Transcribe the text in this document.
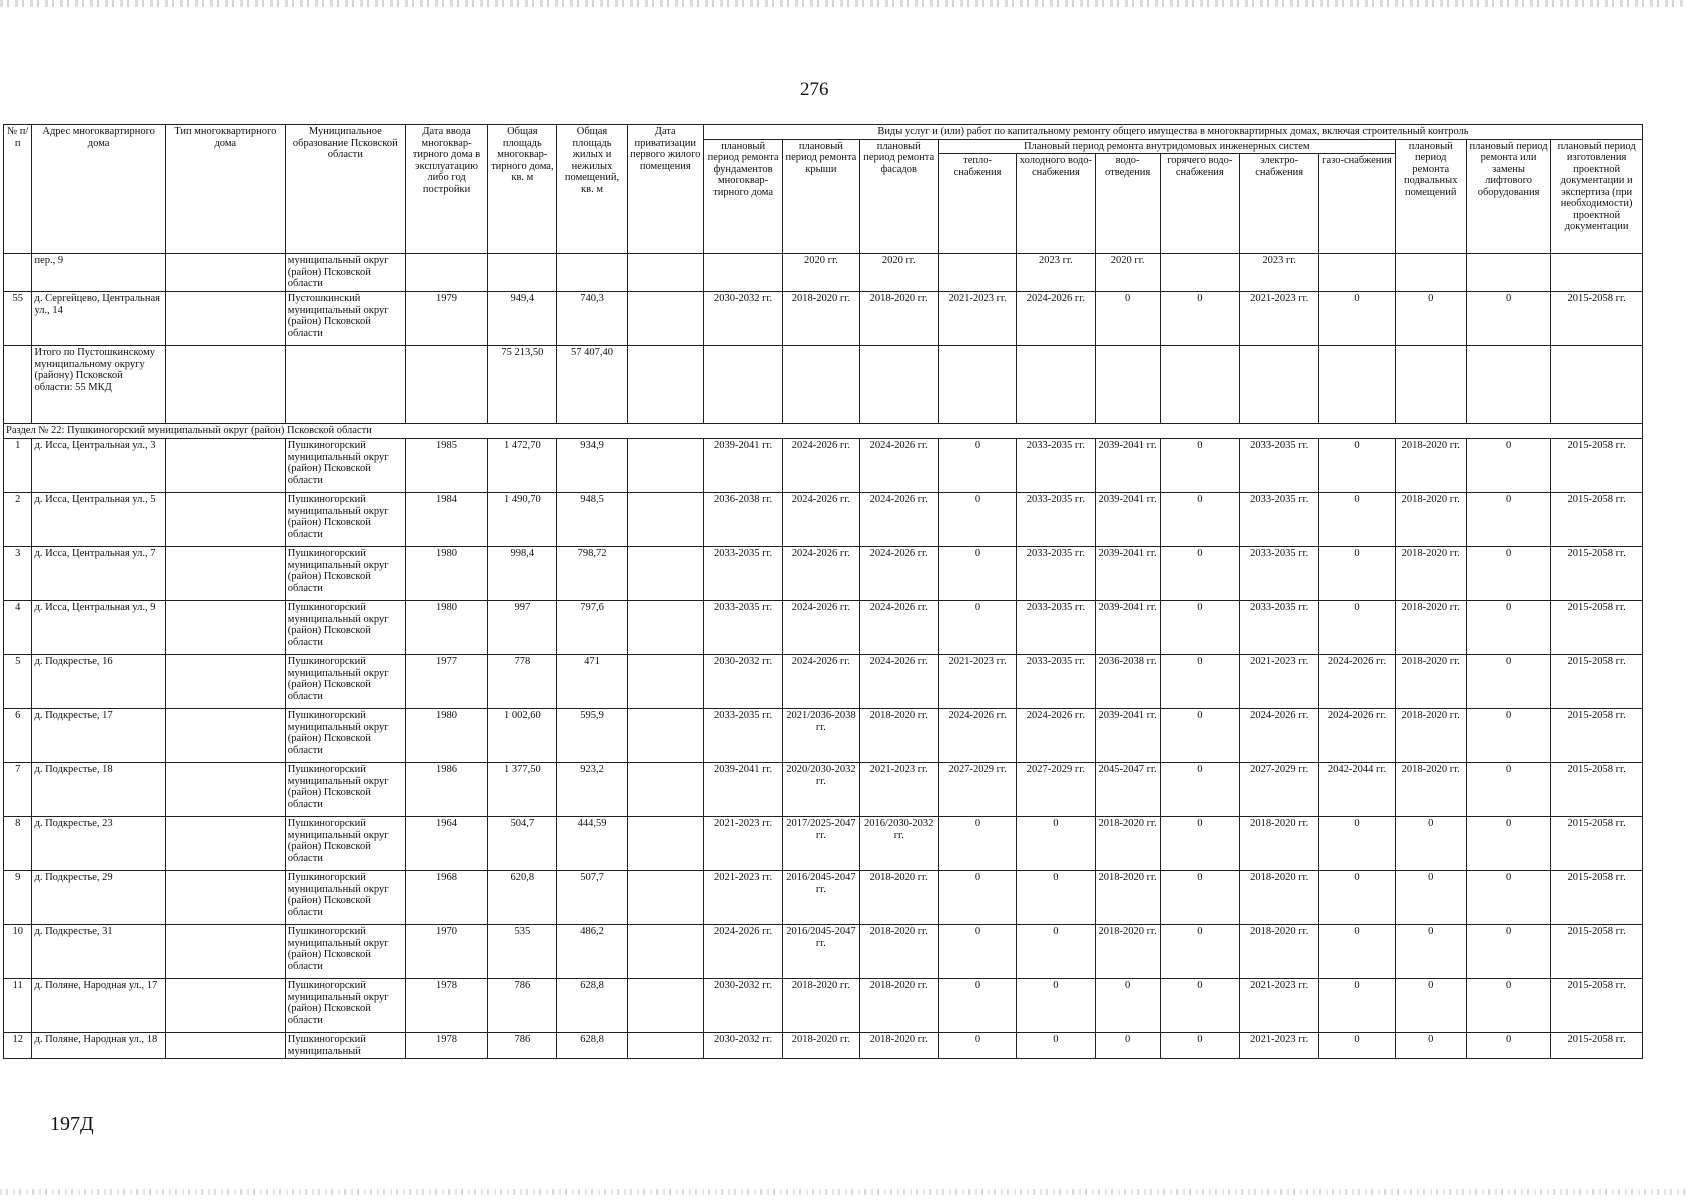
276
№ п/п	Адрес многоквартирного дома	Тип многоквартирного дома	Муниципальное образование Псковской области	Дата ввода многоквар-тирного дома в эксплуатацию либо год постройки	Общая площадь многоквар-тирного дома, кв. м	Общая площадь жилых и нежилых помещений, кв. м	Дата приватизации первого жилого помещения	Виды услуг и (или) работ по капитальному ремонту общего имущества в многоквартирных домах, включая строительный контроль											
								плановый период ремонта фундаментов многоквар-тирного дома	плановый период ремонта крыши	плановый период ремонта фасадов	Плановый период ремонта внутридомовых инженерных систем						плановый период ремонта подвальных помещений	плановый период ремонта или замены лифтового оборудования	плановый период изготовления проектной документации и экспертиза (при необходимости) проектной документации
											тепло-снабжения	холодного водо-снабжения	водо-отведения	горячего водо-снабжения	электро-снабжения	газо-снабжения			
	пер., 9		муниципальный округ (район) Псковской области						2020 гг.	2020 гг.		2023 гг.	2020 гг.		2023 гг.				
55	д. Сергейцево, Центральная ул., 14		Пустошкинский муниципальный округ (район) Псковской области	1979	949,4	740,3		2030-2032 гг.	2018-2020 гг.	2018-2020 гг.	2021-2023 гг.	2024-2026 гг.	0	0	2021-2023 гг.	0	0	0	2015-2058 гг.
	Итого по Пустошкинскому муниципальному округу (району) Псковской области: 55 МКД				75 213,50	57 407,40													
Раздел № 22: Пушкиногорский муниципальный округ (район) Псковской области																			
1	д. Исса, Центральная ул., 3		Пушкиногорский муниципальный округ (район) Псковской области	1985	1 472,70	934,9		2039-2041 гг.	2024-2026 гг.	2024-2026 гг.	0	2033-2035 гг.	2039-2041 гг.	0	2033-2035 гг.	0	2018-2020 гг.	0	2015-2058 гг.
2	д. Исса, Центральная ул., 5		Пушкиногорский муниципальный округ (район) Псковской области	1984	1 490,70	948,5		2036-2038 гг.	2024-2026 гг.	2024-2026 гг.	0	2033-2035 гг.	2039-2041 гг.	0	2033-2035 гг.	0	2018-2020 гг.	0	2015-2058 гг.
3	д. Исса, Центральная ул., 7		Пушкиногорский муниципальный округ (район) Псковской области	1980	998,4	798,72		2033-2035 гг.	2024-2026 гг.	2024-2026 гг.	0	2033-2035 гг.	2039-2041 гг.	0	2033-2035 гг.	0	2018-2020 гг.	0	2015-2058 гг.
4	д. Исса, Центральная ул., 9		Пушкиногорский муниципальный округ (район) Псковской области	1980	997	797,6		2033-2035 гг.	2024-2026 гг.	2024-2026 гг.	0	2033-2035 гг.	2039-2041 гг.	0	2033-2035 гг.	0	2018-2020 гг.	0	2015-2058 гг.
5	д. Подкрестье, 16		Пушкиногорский муниципальный округ (район) Псковской области	1977	778	471		2030-2032 гг.	2024-2026 гг.	2024-2026 гг.	2021-2023 гг.	2033-2035 гг.	2036-2038 гг.	0	2021-2023 гг.	2024-2026 гг.	2018-2020 гг.	0	2015-2058 гг.
6	д. Подкрестье, 17		Пушкиногорский муниципальный округ (район) Псковской области	1980	1 002,60	595,9		2033-2035 гг.	2021/2036-2038 гг.	2018-2020 гг.	2024-2026 гг.	2024-2026 гг.	2039-2041 гг.	0	2024-2026 гг.	2024-2026 гг.	2018-2020 гг.	0	2015-2058 гг.
7	д. Подкрестье, 18		Пушкиногорский муниципальный округ (район) Псковской области	1986	1 377,50	923,2		2039-2041 гг.	2020/2030-2032 гг.	2021-2023 гг.	2027-2029 гг.	2027-2029 гг.	2045-2047 гг.	0	2027-2029 гг.	2042-2044 гг.	2018-2020 гг.	0	2015-2058 гг.
8	д. Подкрестье, 23		Пушкиногорский муниципальный округ (район) Псковской области	1964	504,7	444,59		2021-2023 гг.	2017/2025-2047 гг.	2016/2030-2032 гг.	0	0	2018-2020 гг.	0	2018-2020 гг.	0	0	0	2015-2058 гг.
9	д. Подкрестье, 29		Пушкиногорский муниципальный округ (район) Псковской области	1968	620,8	507,7		2021-2023 гг.	2016/2045-2047 гг.	2018-2020 гг.	0	0	2018-2020 гг.	0	2018-2020 гг.	0	0	0	2015-2058 гг.
10	д. Подкрестье, 31		Пушкиногорский муниципальный округ (район) Псковской области	1970	535	486,2		2024-2026 гг.	2016/2045-2047 гг.	2018-2020 гг.	0	0	2018-2020 гг.	0	2018-2020 гг.	0	0	0	2015-2058 гг.
11	д. Поляне, Народная ул., 17		Пушкиногорский муниципальный округ (район) Псковской области	1978	786	628,8		2030-2032 гг.	2018-2020 гг.	2018-2020 гг.	0	0	0	0	2021-2023 гг.	0	0	0	2015-2058 гг.
12	д. Поляне, Народная ул., 18		Пушкиногорский муниципальный	1978	786	628,8		2030-2032 гг.	2018-2020 гг.	2018-2020 гг.	0	0	0	0	2021-2023 гг.	0	0	0	2015-2058 гг.
197Д
